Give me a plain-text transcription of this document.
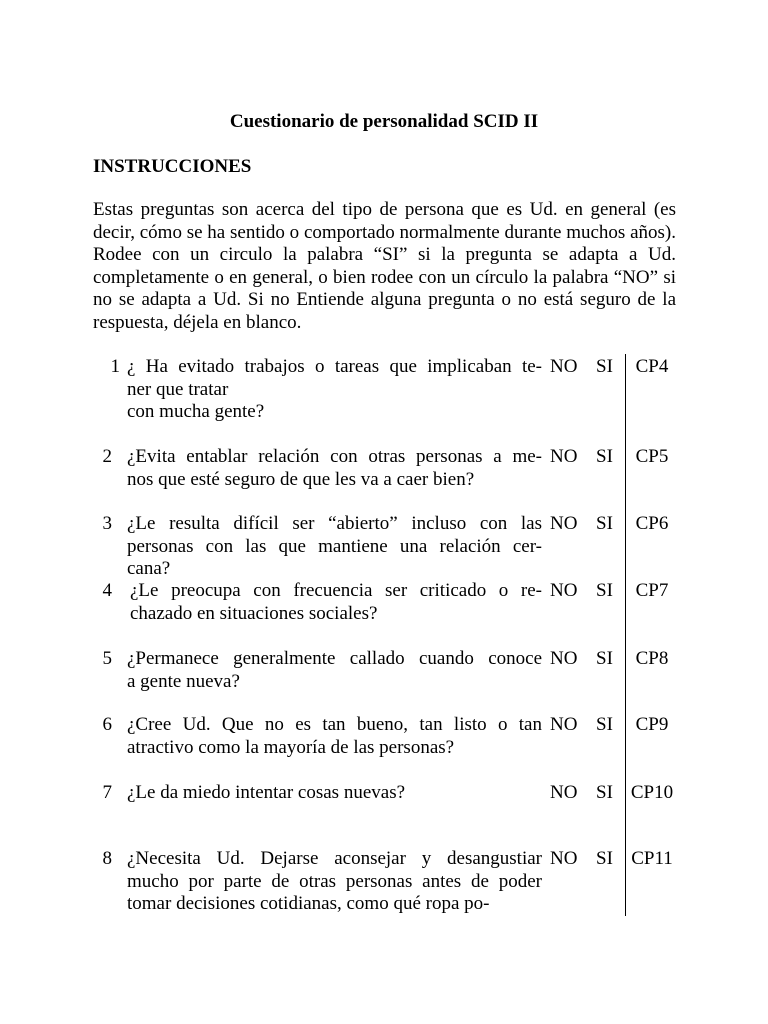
Cuestionario de personalidad SCID II
INSTRUCCIONES
Estas preguntas son acerca del tipo de persona que es Ud. en general (es decir, cómo se ha sentido o comportado normalmente durante muchos años). Rodee con un circulo la palabra “SI” si la pregunta se adapta a Ud. completamente o en general, o bien rodee con un círculo la palabra “NO” si no se adapta a Ud. Si no Entiende alguna pregunta o no está seguro de la respuesta, déjela en blanco.
1 ¿ Ha evitado trabajos o tareas que implicaban te-
ner que tratar
con mucha gente?
NO SI	CP4
2 ¿Evita entablar relación con otras personas a me-
nos que esté seguro de que les va a caer bien?
NO SI	CP5
3 ¿Le resulta difícil ser “abierto” incluso con las
personas con las que mantiene una relación cer-
cana?
NO SI	CP6
4 ¿Le preocupa con frecuencia ser criticado o re-
chazado en situaciones sociales?
NO SI	CP7
5 ¿Permanece generalmente callado cuando conoce
a gente nueva?
NO SI	CP8
6 ¿Cree Ud. Que no es tan bueno, tan listo o tan
atractivo como la mayoría de las personas?
NO SI	CP9
7 ¿Le da miedo intentar cosas nuevas?	NO SI CP10
8 ¿Necesita Ud. Dejarse aconsejar y desangustiar
mucho por parte de otras personas antes de poder
tomar decisiones cotidianas, como qué ropa po-
NO SI CP11
